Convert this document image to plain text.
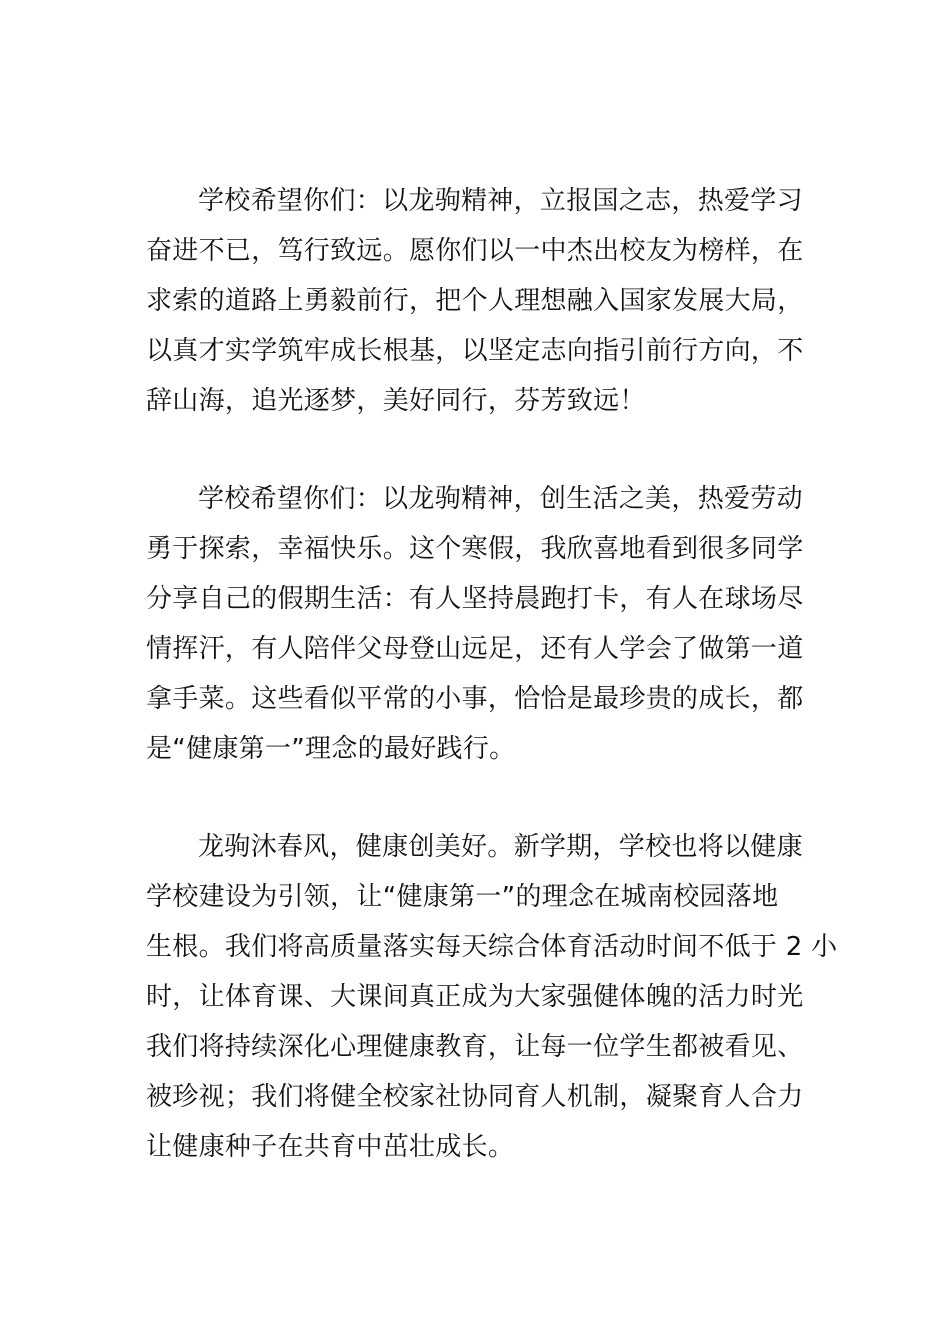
学校希望你们：以龙驹精神，立报国之志，热爱学习
奋进不已，笃行致远。愿你们以一中杰出校友为榜样，在
求索的道路上勇毅前行，把个人理想融入国家发展大局，
以真才实学筑牢成长根基，以坚定志向指引前行方向，不
辞山海，追光逐梦，美好同行，芬芳致远！

学校希望你们：以龙驹精神，创生活之美，热爱劳动
勇于探索，幸福快乐。这个寒假，我欣喜地看到很多同学
分享自己的假期生活：有人坚持晨跑打卡，有人在球场尽
情挥汗，有人陪伴父母登山远足，还有人学会了做第一道
拿手菜。这些看似平常的小事，恰恰是最珍贵的成长，都
是“健康第一”理念的最好践行。

龙驹沐春风，健康创美好。新学期，学校也将以健康
学校建设为引领，让“健康第一”的理念在城南校园落地
生根。我们将高质量落实每天综合体育活动时间不低于 2 小
时，让体育课、大课间真正成为大家强健体魄的活力时光
我们将持续深化心理健康教育，让每一位学生都被看见、
被珍视；我们将健全校家社协同育人机制，凝聚育人合力
让健康种子在共育中茁壮成长。
